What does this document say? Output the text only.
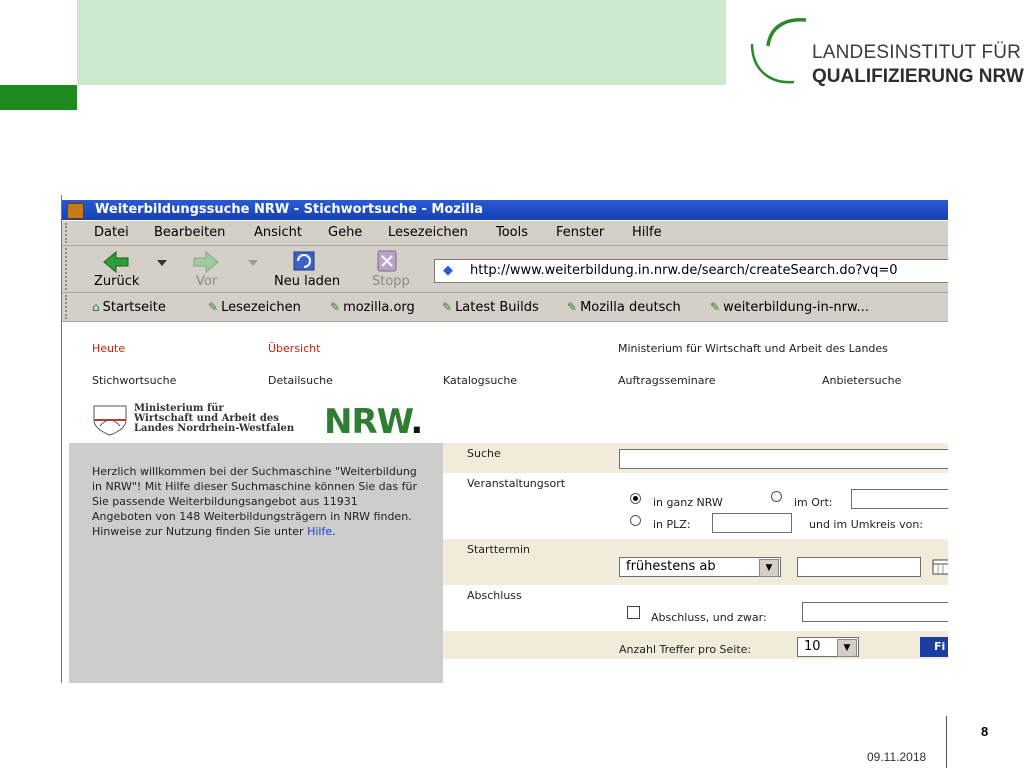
LANDESINSTITUT FÜR
QUALIFIZIERUNG NRW
8
09.11.2018
Weiterbildungssuche NRW - Stichwortsuche - Mozilla
Datei Bearbeiten Ansicht Gehe Lesezeichen Tools Fenster Hilfe
Zurück	Vor	Neu laden Stopp
◆ http://www.weiterbildung.in.nrw.de/search/createSearch.do?vq=0
⌂ Startseite	✎ Lesezeichen ✎ mozilla.org ✎ Latest Builds ✎ Mozilla deutsch ✎ weiterbildung-in-nrw...
Heute	Übersicht	Ministerium für Wirtschaft und Arbeit des Landes
Stichwortsuche	Detailsuche	Katalogsuche	Auftragsseminare	Anbietersuche
Ministerium für
Wirtschaft und Arbeit des
Landes Nordrhein-Westfalen NRW.
Herzlich willkommen bei der Suchmaschine "Weiterbildung in NRW"! Mit Hilfe dieser Suchmaschine können Sie das für Sie passende Weiterbildungsangebot aus 11931 Angeboten von 148 Weiterbildungsträgern in NRW finden. Hinweise zur Nutzung finden Sie unter Hilfe.
Suche
Veranstaltungsort
in ganz NRW	im Ort:
in PLZ:	und im Umkreis von:
Starttermin
frühestens ab	▼
Abschluss
Abschluss, und zwar:
Anzahl Treffer pro Seite:	10	▼	Fi
